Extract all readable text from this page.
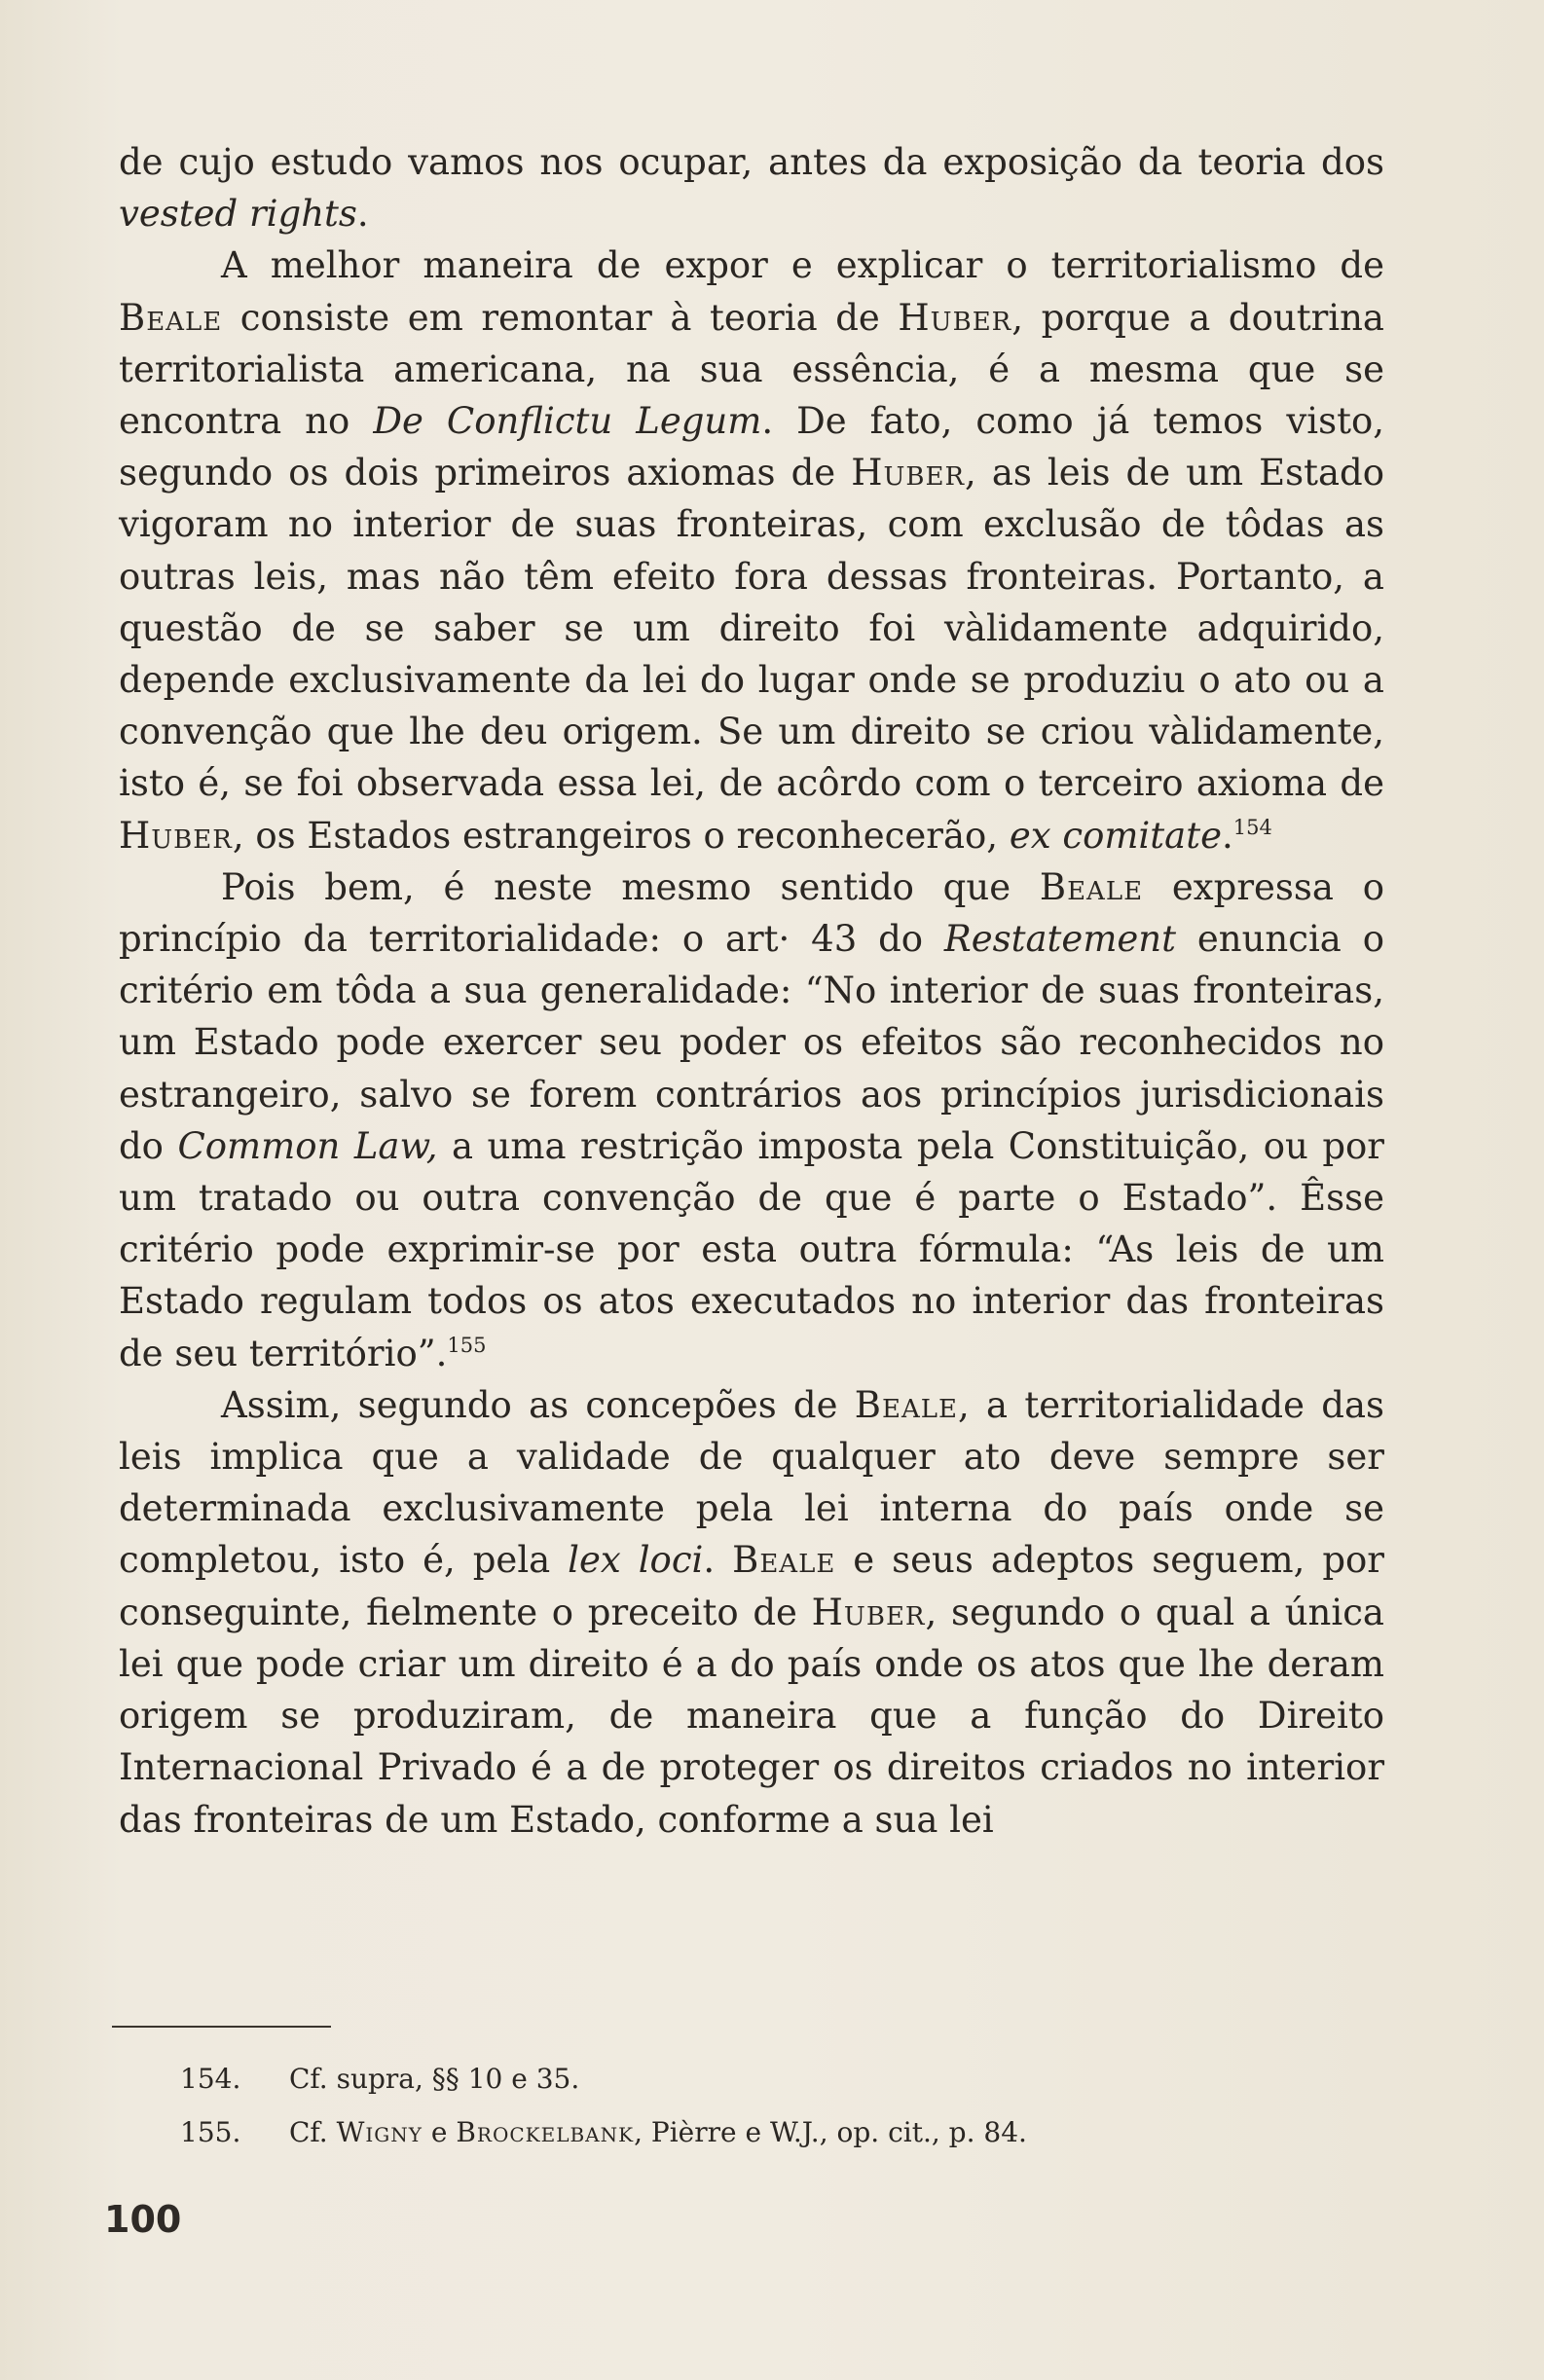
de cujo estudo vamos nos ocupar, antes da exposição da teoria dos vested rights.

A melhor maneira de expor e explicar o territorialismo de Beale consiste em remontar à teoria de Huber, porque a doutrina territorialista americana, na sua essência, é a mesma que se encontra no De Conflictu Legum. De fato, como já temos visto, segundo os dois primeiros axiomas de Huber, as leis de um Estado vigoram no interior de suas fronteiras, com exclusão de tôdas as outras leis, mas não têm efeito fora dessas fronteiras. Portanto, a questão de se saber se um direito foi vàlidamente adquirido, depende exclusivamente da lei do lugar onde se produziu o ato ou a convenção que lhe deu origem. Se um direito se criou vàlidamente, isto é, se foi observada essa lei, de acôrdo com o terceiro axioma de Huber, os Estados estrangeiros o reconhecerão, ex comitate.$^{154}$

Pois bem, é neste mesmo sentido que Beale expressa o princípio da territorialidade: o art· 43 do Restatement enuncia o critério em tôda a sua generalidade: “No interior de suas fronteiras, um Estado pode exercer seu poder os efeitos são reconhecidos no estrangeiro, salvo se forem contrários aos princípios jurisdicionais do Common Law, a uma restrição imposta pela Constituição, ou por um tratado ou outra convenção de que é parte o Estado”. Êsse critério pode exprimir-se por esta outra fórmula: “As leis de um Estado regulam todos os atos executados no interior das fronteiras de seu território”.$^{155}$

Assim, segundo as concepões de Beale, a territorialidade das leis implica que a validade de qualquer ato deve sempre ser determinada exclusivamente pela lei interna do país onde se completou, isto é, pela lex loci. Beale e seus adeptos seguem, por conseguinte, fielmente o preceito de Huber, segundo o qual a única lei que pode criar um direito é a do país onde os atos que lhe deram origem se produziram, de maneira que a função do Direito Internacional Privado é a de proteger os direitos criados no interior das fronteiras de um Estado, conforme a sua lei

154.	Cf. supra, §§ 10 e 35.
155.	Cf. Wigny e Brockelbank, Pièrre e W.J., op. cit., p. 84.
100
